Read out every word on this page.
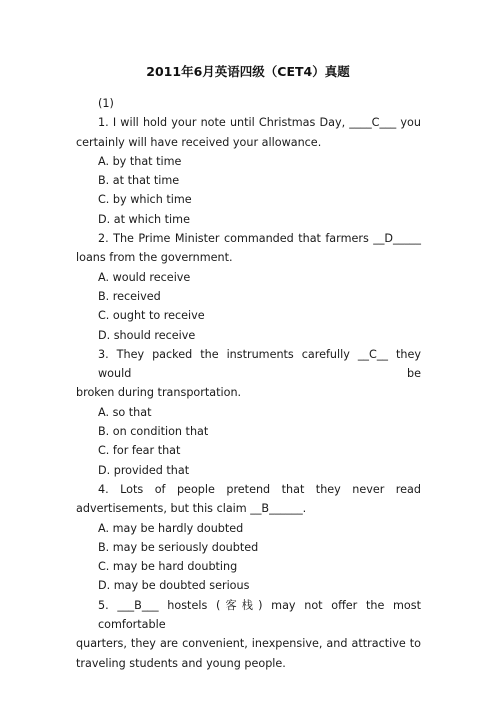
2011年6月英语四级（CET4）真题

(1)

1. I will hold your note until Christmas Day, ____C___ you

certainly will have received your allowance.

A. by that time

B. at that time

C. by which time

D. at which time

2. The Prime Minister commanded that farmers __D_____

loans from the government.

A. would receive

B. received

C. ought to receive

D. should receive

3. They packed the instruments carefully __C__ they would be

broken during transportation.

A. so that

B. on condition that

C. for fear that

D. provided that

4. Lots of people pretend that they never read

advertisements, but this claim __B______.

A. may be hardly doubted

B. may be seriously doubted

C. may be hard doubting

D. may be doubted serious

5. ___B___ hostels (客栈) may not offer the most comfortable

quarters, they are convenient, inexpensive, and attractive to

traveling students and young people.
